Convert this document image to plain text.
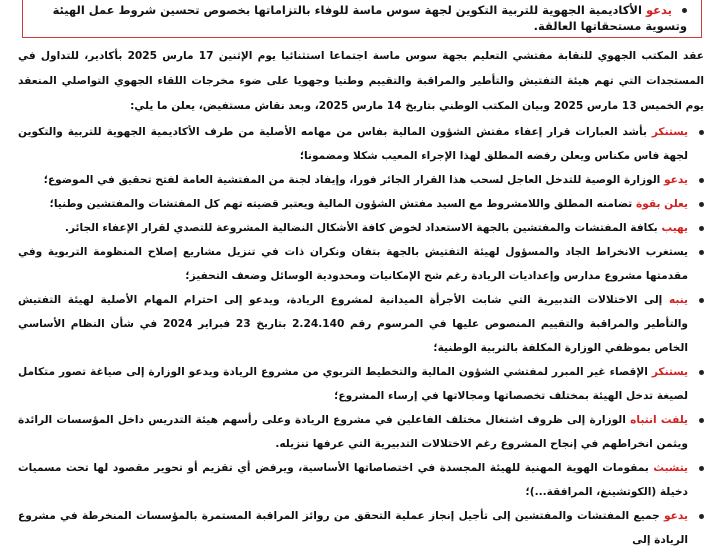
يدعو الأكاديمية الجهوية للتربية التكوين لجهة سوس ماسة للوفاء بالتزاماتها بخصوص تحسين شروط عمل الهيئة وتسوية مستحقاتها العالقة.
عقد المكتب الجهوي للنقابة مفتشي التعليم بجهة سوس ماسة اجتماعا استثنائيا يوم الإثنين 17 مارس 2025 بأكادير، للتداول في المستجدات التي تهم هيئة التفتيش والتأطير والمراقبة والتقييم وطنيا وجهويا على ضوء مخرجات اللقاء الجهوي التواصلي المنعقد يوم الخميس 13 مارس 2025 وبيان المكتب الوطني بتاريخ 14 مارس 2025، وبعد نقاش مستفيض، يعلن ما يلي:
يستنكر بأشد العبارات قرار إعفاء مفتش الشؤون المالية بفاس من مهامه الأصلية من طرف الأكاديمية الجهوية للتربية والتكوين لجهة فاس مكناس ويعلن رفضه المطلق لهذا الإجراء المعيب شكلا ومضمونا؛
يدعو الوزارة الوصية للتدخل العاجل لسحب هذا القرار الجائر فورا، وإيفاد لجنة من المفتشية العامة لفتح تحقيق في الموضوع؛
يعلن بقوة تضامنه المطلق واللامشروط مع السيد مفتش الشؤون المالية ويعتبر قضيته تهم كل المفتشات والمفتشين وطنيا؛
يهيب بكافة المفتشات والمفتشين بالجهة الاستعداد لخوض كافة الأشكال النضالية المشروعة للتصدي لقرار الإعفاء الجائر.
يستغرب الانخراط الجاد والمسؤول لهيئة التفتيش بالجهة بتفان ونكران ذات في تنزيل مشاريع إصلاح المنظومة التربوية وفي مقدمتها مشروع مدارس وإعداديات الريادة رغم شح الإمكانيات ومحدودية الوسائل وضعف التحفيز؛
ينبه إلى الاختلالات التدبيرية التي شابت الأجرأة الميدانية لمشروع الريادة، ويدعو إلى احترام المهام الأصلية لهيئة التفتيش والتأطير والمراقبة والتقييم المنصوص عليها في المرسوم رقم 2.24.140 بتاريخ 23 فبراير 2024 في شأن النظام الأساسي الخاص بموظفي الوزارة المكلفة بالتربية الوطنية؛
يستنكر الإقصاء غير المبرر لمفتشي الشؤون المالية والتخطيط التربوي من مشروع الريادة ويدعو الوزارة إلى صياغة تصور متكامل لصيغة تدخل الهيئة بمختلف تخصصاتها ومجالاتها في إرساء المشروع؛
يلفت انتباه الوزارة إلى ظروف اشتغال مختلف الفاعلين في مشروع الريادة وعلى رأسهم هيئة التدريس داخل المؤسسات الرائدة ويثمن انخراطهم في إنجاح المشروع رغم الاختلالات التدبيرية التي عرفها تنزيله.
يتشبث بمقومات الهوية المهنية للهيئة المجسدة في اختصاصاتها الأساسية، ويرفض أي تقزيم أو تحوير مقصود لها تحت مسميات دخيلة (الكوتشينغ، المرافقة...)؛
يدعو جميع المفتشات والمفتشين إلى تأجيل إنجاز عملية التحقق من روائز المراقبة المستمرة بالمؤسسات المنخرطة في مشروع الريادة إلى
